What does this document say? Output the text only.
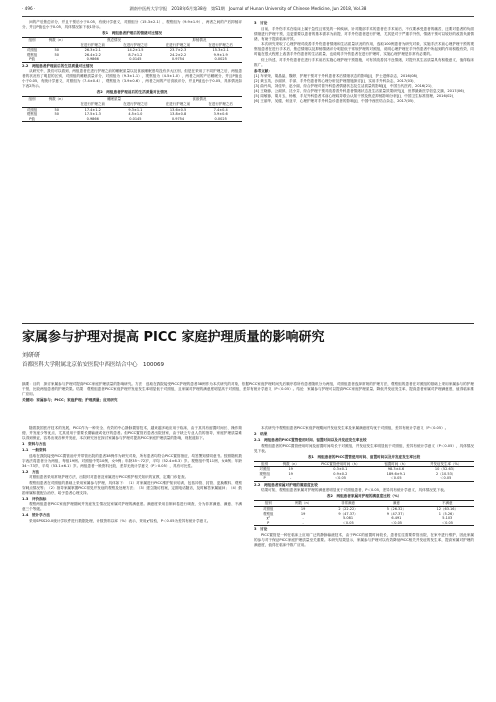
· 496 ·	湖南中医药大学学报　2018年6月第38卷　第S1期　Journal of Hunan University of Chinese Medicine, Jun 2018, Vol.38

问的产后焦虑评分，并且干预后小于0.05，有统计学意义，对照组分（15.3±2.1），观察组为（9.9±1.9），两者之间的产后抑郁评分，并且P值也小于0.05，具体情况如下表1所示。

表1　两组患者护理后的情绪对比情况
组别	例数（n）	焦虑情况		抑郁情况	
		在进行护理之前	在进行护理之后	在进行护理之前	在进行护理之后
对照组	50	26.3±2.1	14.2±1.5	23.7±2.3	15.3±2.1
观察组	50	26.4±2.2	8.7±1.2	24.2±2.2	9.9±1.9
P值	-	0.9866	0.0145	0.9754	0.0025
2.2　两组患者护理前后的生活质量对比情况

从研究中，我们可以看到，两组患者在进行护理之前的睡眠质量以及食欲睡眠度均没有多大区别，但是在采用了不同护理之后，两组患者的状况有了明显的区别，对照组的睡眠质量评分，对照组为（9.3±1.1），观察组为（4.5±1.0），两者之间的产后睡眠分，并且P值也小于0.05，有统计学意义，对照组为（7.4±0.4），观察组为（3.9±0.6），两者之间的产后食欲评分，并且P值也小于0.05，具体情况如下表2所示。

表2　两组患者护理前后的生活质量对比情况
组别	例数（n）	睡眠质量		食欲情况	
		在进行护理之前	在进行护理之后	在进行护理之前	在进行护理之后
对照组	50	17.4±1.2	9.3±1.1	13.6±0.5	7.4±0.4
观察组	50	17.5±1.3	4.5±1.0	13.8±0.8	3.9±0.6
P值	-	0.9866	0.0145	0.9754	0.0025
3　讨论

目前，手外伤手术在临床上属于急性且常见的一种疾病，针对腹部手术的患者在手术前后，不仅要承受患者的痛苦，还要对患者的负面情绪进行护理干预，这更需要以患者的基本需求为前提，对手外伤患者进行护理，尤其是对于严重手外伤，情绪干预可以较好的改善负面情绪，有助于提高临床疗效。

本次研究采取了心理护理对改善手外伤患者情绪和生活质量状况的作用，选取100例患者为研究对象，实施手法术前心理护理干预的观察组患者在进行手术后，焦虑情绪以及抑郁情绪评分明显低于常规护理的对照组，说明心理护理在手外伤患者中所起到的作用积极有效，同时能在很大程度上改善手外伤患者的生活质量，也说明手外伤患者在进行护理时，实施心理护理是非常有必要的。

综上所述，对手外伤患者在进行手术前后实施心理护理干预措施，可有效改善其不良情绪，对提升其生活质量具有积极意义，值得临床推广。

参考文献：

[1] 车荣荣，胡晶晶，魏婷．护理干预对于外科患者术后情绪状态的影响[J]．护士进修杂志，2016(08)．

[2] 黄玉英，沙丽萍．手部、手外伤患者的心理分析及护理措施探讨[J]．实用手外科杂志，2017(03)．

[3] 曲丹凤，刘佳华，赵小丽，综合护理对普外科患者情绪状态及生活质量的影响[J]．中国当代医药，2016(21)．

[4] 王晓蓉，公淑萍，沈小芬，综合护理干预对改善普外科患者情绪状态及生活质量效果研究[J]．世界最新医学信息文摘，2017(06)．

[5] 周敏蓉，胡月玉，杨敏．手足外科患者术前心理疏导联合认知干预及焦虑抑郁影响分析[J]．中国卫生标准管理，2016(02)．

[6] 王丽华，吴健，何亚平．心理护理对手外科急诊患者的影响[J]．中国中西医结合杂志，2017(05)．

家属参与护理对提高 PICC 家庭护理质量的影响研究
刘研研
首都医科大学附属北京佑安医院中西医结合中心　100069
摘要：目的　探讨家属参与护理对提高PICC家庭护理质量的影响研究。方法　选取在我院接受PICC护理的患者38例作为本次研究的对象，依据PICC家庭护理时间先后顺序将所有患者随机分为两组，对照组患者选择常规的护理方法，观察组的患者在对照组的基础上采用家属参与的护理干预，比较两组患者的护理效果。结果　观察组患者PICC家庭护理并发症发生率明显低于对照组，且家属对护理的满意度明显高于对照组，差异有统计学意义（P＜0.05）。结论　家属参与护理可以提高PICC家庭护理质量，降低并发症发生率，提高患者家属对护理满意度，值得临床推广应用。
关键词：家属参与；PICC；家庭护理；护理质量；应用研究

随着我国医疗技术的发展，PICC作为一种安全、有效的中心静脉置管技术，越来越多地应用于临床，由于其具有留置时间长、操作简便、并发症少等优点，尤其适用于需要长期输液或化疗的患者。但PICC置管后患者出院回家，由于缺乏专业人员的指导，家庭护理质量难以得到保证，容易出现各种并发症，本次研究旨在探讨家属参与护理对提高PICC家庭护理质量的影响，现报道如下。

1　资料与方法
1.1　一般资料

选取在我院接受PICC置管治疗并带管出院的患者38例作为研究对象，所有患者均符合PICC置管指征，均签署知情同意书。按照随机数字表法将患者分为两组，每组19例。对照组中男10例，女9例；年龄35～72岁，平均（52.4±6.3）岁。观察组中男11例，女8例；年龄34～73岁，平均（53.1±6.1）岁。两组患者一般资料比较，差异无统计学意义（P＞0.05），具有可比性。

1.2　方法

对照组患者采用常规护理方法，出院时对患者及家属进行PICC维护相关知识的宣教，定期门诊复查。

观察组患者在对照组的基础上采用家属参与护理，具体如下：（1）对家属进行PICC维护知识培训，包括冲管、封管、更换敷料、观察穿刺点情况等；（2）指导家属掌握PICC常见并发症的观察及处理方法；（3）建立随访档案，定期电话随访，及时解答家属疑问；（4）鼓励家属积极配合治疗，给予患者心理支持。

1.3　评价指标

观察两组患者PICC家庭护理期间并发症发生情况及家属对护理的满意度。满意度采用自制问卷进行调查，分为非常满意、满意、不满意三个等级。

1.4　统计学方法

采用SPSS20.0统计学软件进行数据处理，计数资料以率（%）表示，采用χ²检验，P＜0.05为差异有统计学意义。

本次研究中观察组患者PICC家庭护理期间并发症发生率及家属满意度均优于对照组，差异有统计学意义（P＜0.05）。

2　结果
2.1　两组患者的PICC置管使用时间、留置时间以及并发症发生率比较

观察组患者的PICC置管使用时间及留置时间均长于对照组，并发症发生率明显低于对照组，差异有统计学意义（P＜0.05），具体情况见下表。

表1　两组患者的PICC置管使用时间、留置时间以及并发症发生率比较
组别	例数（n）	PICC置管使用时间（h）	留置时间（h）	并发症发生率（%）
对照组	19	0.3±0.1	98.3±4.6	10（52.63）
观察组	19	0.9±0.2	189.6±9.1	2（10.53）
P	-	＜0.05	＜0.05	＜0.05
2.2　两组患者家属对护理的满意度比较

结果可知，观察组患者家属对护理的满意度明显优于对照组患者，P＜0.05，差异具有统计学意义，具体情况见下表。

表2　两组患者家属对护理的满意度比较（%）
组别	例数（n）	非常满意	满意	不满意
对照组	19	2（22.22）	5（26.32）	12（63.16）
观察组	19	9（47.37）	9（47.37）	1（5.26）
χ²	-	5.081	6.491	5.103
P	-	＜0.05	＜0.05	＜0.05
3　讨论

PICC置管是一种在临床上应用广泛的静脉输液技术，由于PICC的留置时间较长，患者往往需要带管出院，在家中进行维护，因此家属的参与对于保证PICC家庭护理质量至关重要。本研究结果显示，家属参与护理可以有效降低PICC相关并发症的发生率，提高家属对护理的满意度，值得在临床中推广应用。
